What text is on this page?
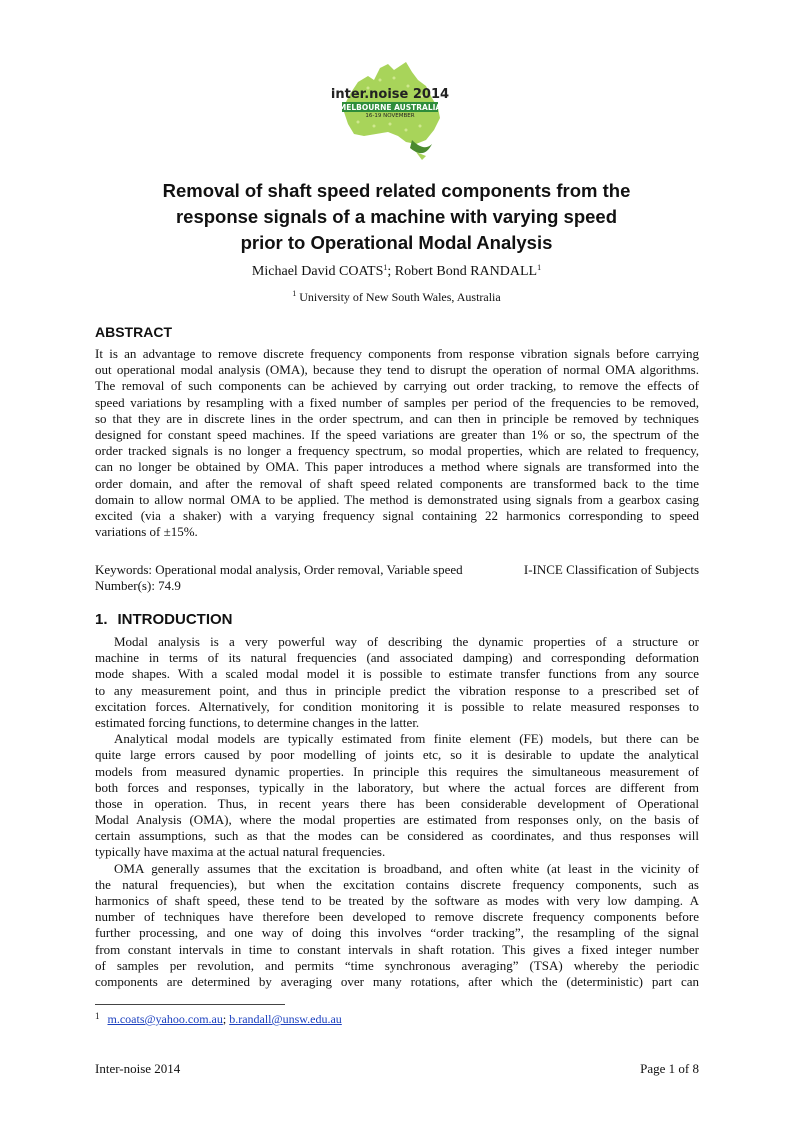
inter.noise 2014
MELBOURNE AUSTRALIA
16-19 NOVEMBER
Removal of shaft speed related components from the
response signals of a machine with varying speed
prior to Operational Modal Analysis
Michael David COATS$^1$; Robert Bond RANDALL$^1$
$^1$ University of New South Wales, Australia
ABSTRACT
It is an advantage to remove discrete frequency components from response vibration signals before carrying
out operational modal analysis (OMA), because they tend to disrupt the operation of normal OMA algorithms.
The removal of such components can be achieved by carrying out order tracking, to remove the effects of
speed variations by resampling with a fixed number of samples per period of the frequencies to be removed,
so that they are in discrete lines in the order spectrum, and can then in principle be removed by techniques
designed for constant speed machines. If the speed variations are greater than 1% or so, the spectrum of the
order tracked signals is no longer a frequency spectrum, so modal properties, which are related to frequency,
can no longer be obtained by OMA. This paper introduces a method where signals are transformed into the
order domain, and after the removal of shaft speed related components are transformed back to the time
domain to allow normal OMA to be applied. The method is demonstrated using signals from a gearbox casing
excited (via a shaker) with a varying frequency signal containing 22 harmonics corresponding to speed
variations of ±15%.
Keywords: Operational modal analysis, Order removal, Variable speed	I-INCE Classification of Subjects
Number(s): 74.9
1. INTRODUCTION
Modal analysis is a very powerful way of describing the dynamic properties of a structure or
machine in terms of its natural frequencies (and associated damping) and corresponding deformation
mode shapes. With a scaled modal model it is possible to estimate transfer functions from any source
to any measurement point, and thus in principle predict the vibration response to a prescribed set of
excitation forces. Alternatively, for condition monitoring it is possible to relate measured responses to
estimated forcing functions, to determine changes in the latter.
Analytical modal models are typically estimated from finite element (FE) models, but there can be
quite large errors caused by poor modelling of joints etc, so it is desirable to update the analytical
models from measured dynamic properties. In principle this requires the simultaneous measurement of
both forces and responses, typically in the laboratory, but where the actual forces are different from
those in operation. Thus, in recent years there has been considerable development of Operational
Modal Analysis (OMA), where the modal properties are estimated from responses only, on the basis of
certain assumptions, such as that the modes can be considered as coordinates, and thus responses will
typically have maxima at the actual natural frequencies.
OMA generally assumes that the excitation is broadband, and often white (at least in the vicinity of
the natural frequencies), but when the excitation contains discrete frequency components, such as
harmonics of shaft speed, these tend to be treated by the software as modes with very low damping. A
number of techniques have therefore been developed to remove discrete frequency components before
further processing, and one way of doing this involves “order tracking”, the resampling of the signal
from constant intervals in time to constant intervals in shaft rotation. This gives a fixed integer number
of samples per revolution, and permits “time synchronous averaging” (TSA) whereby the periodic
components are determined by averaging over many rotations, after which the (deterministic) part can
$^1$ m.coats@yahoo.com.au; b.randall@unsw.edu.au
Inter-noise 2014	Page 1 of 8
